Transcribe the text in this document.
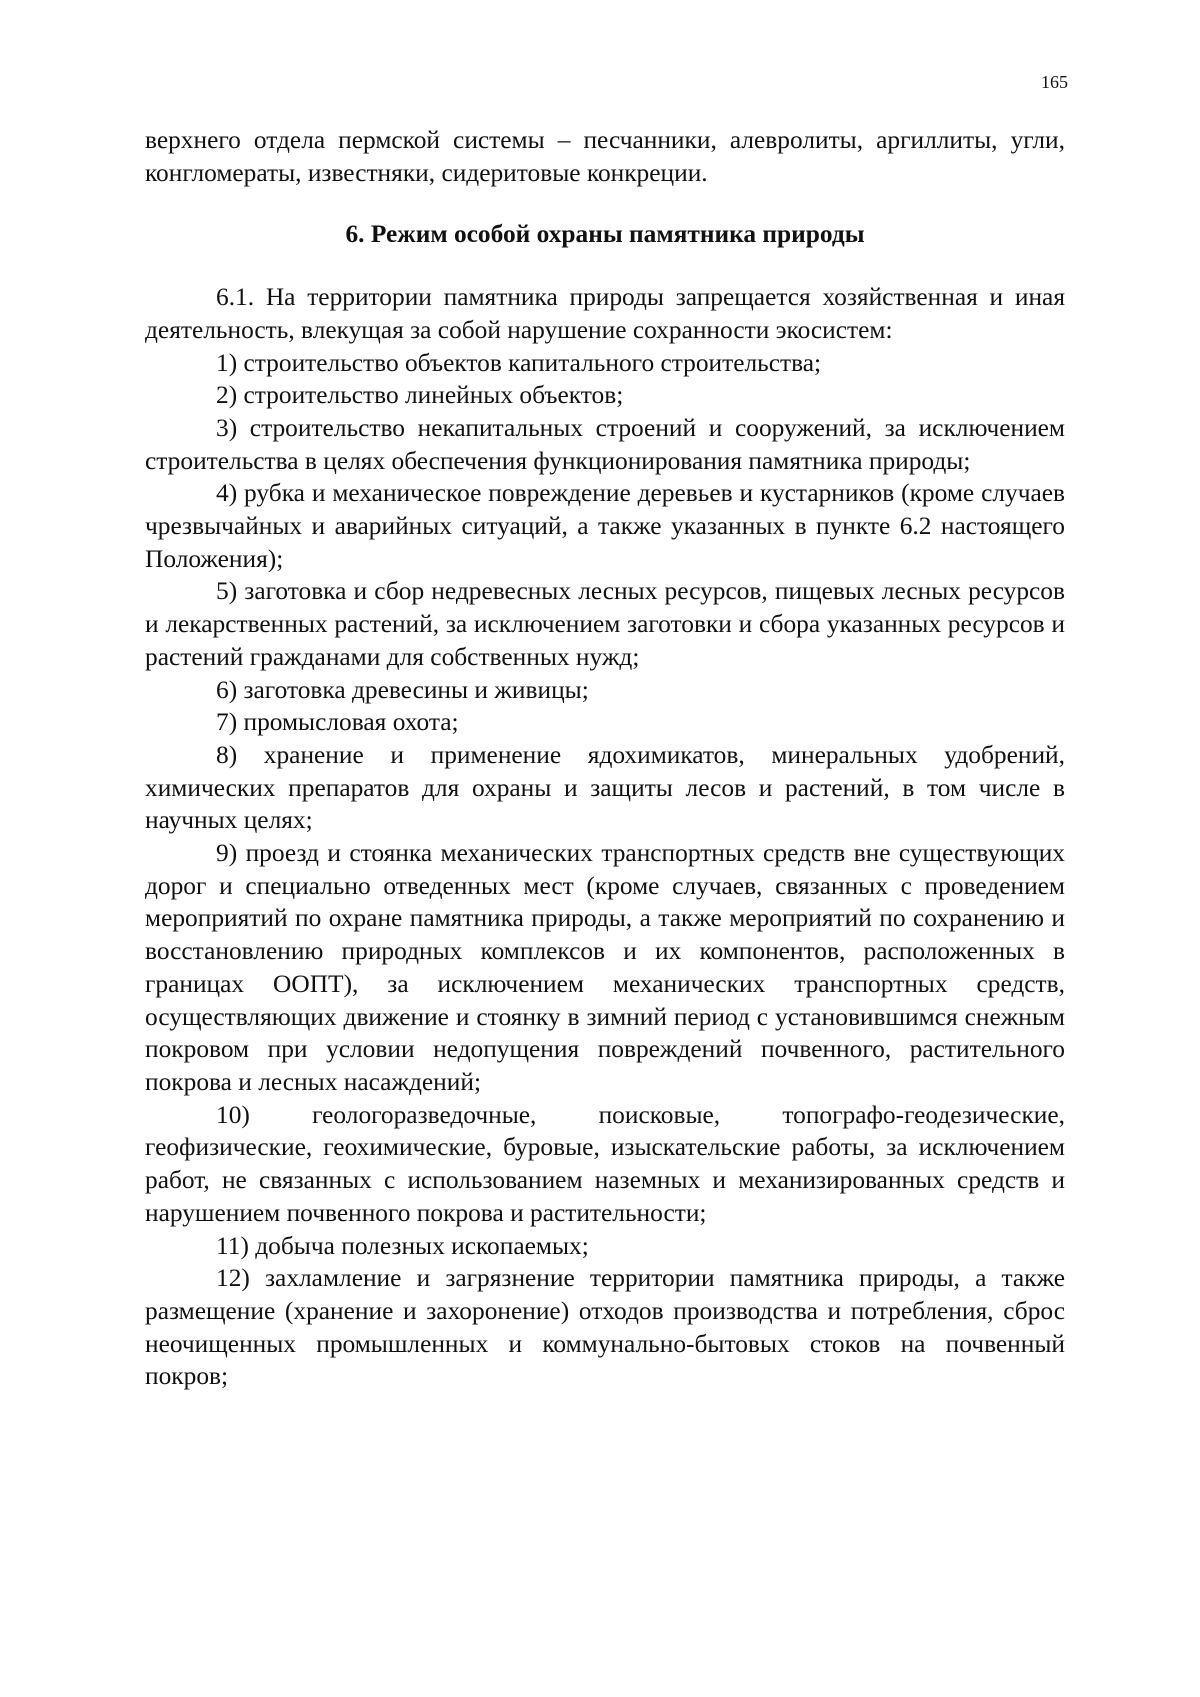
165

верхнего отдела пермской системы – песчанники, алевролиты, аргиллиты, угли, конгломераты, известняки, сидеритовые конкреции.

6. Режим особой охраны памятника природы

6.1. На территории памятника природы запрещается хозяйственная и иная деятельность, влекущая за собой нарушение сохранности экосистем:

1) строительство объектов капитального строительства;

2) строительство линейных объектов;

3) строительство некапитальных строений и сооружений, за исключением строительства в целях обеспечения функционирования памятника природы;

4) рубка и механическое повреждение деревьев и кустарников (кроме случаев чрезвычайных и аварийных ситуаций, а также указанных в пункте 6.2 настоящего Положения);

5) заготовка и сбор недревесных лесных ресурсов, пищевых лесных ресурсов и лекарственных растений, за исключением заготовки и сбора указанных ресурсов и растений гражданами для собственных нужд;

6) заготовка древесины и живицы;

7) промысловая охота;

8) хранение и применение ядохимикатов, минеральных удобрений, химических препаратов для охраны и защиты лесов и растений, в том числе в научных целях;

9) проезд и стоянка механических транспортных средств вне существующих дорог и специально отведенных мест (кроме случаев, связанных с проведением мероприятий по охране памятника природы, а также мероприятий по сохранению и восстановлению природных комплексов и их компонентов, расположенных в границах ООПТ), за исключением механических транспортных средств, осуществляющих движение и стоянку в зимний период с установившимся снежным покровом при условии недопущения повреждений почвенного, растительного покрова и лесных насаждений;

10) геологоразведочные, поисковые, топографо-геодезические, геофизические, геохимические, буровые, изыскательские работы, за исключением работ, не связанных с использованием наземных и механизированных средств и нарушением почвенного покрова и растительности;

11) добыча полезных ископаемых;

12) захламление и загрязнение территории памятника природы, а также размещение (хранение и захоронение) отходов производства и потребления, сброс неочищенных промышленных и коммунально-бытовых стоков на почвенный покров;
